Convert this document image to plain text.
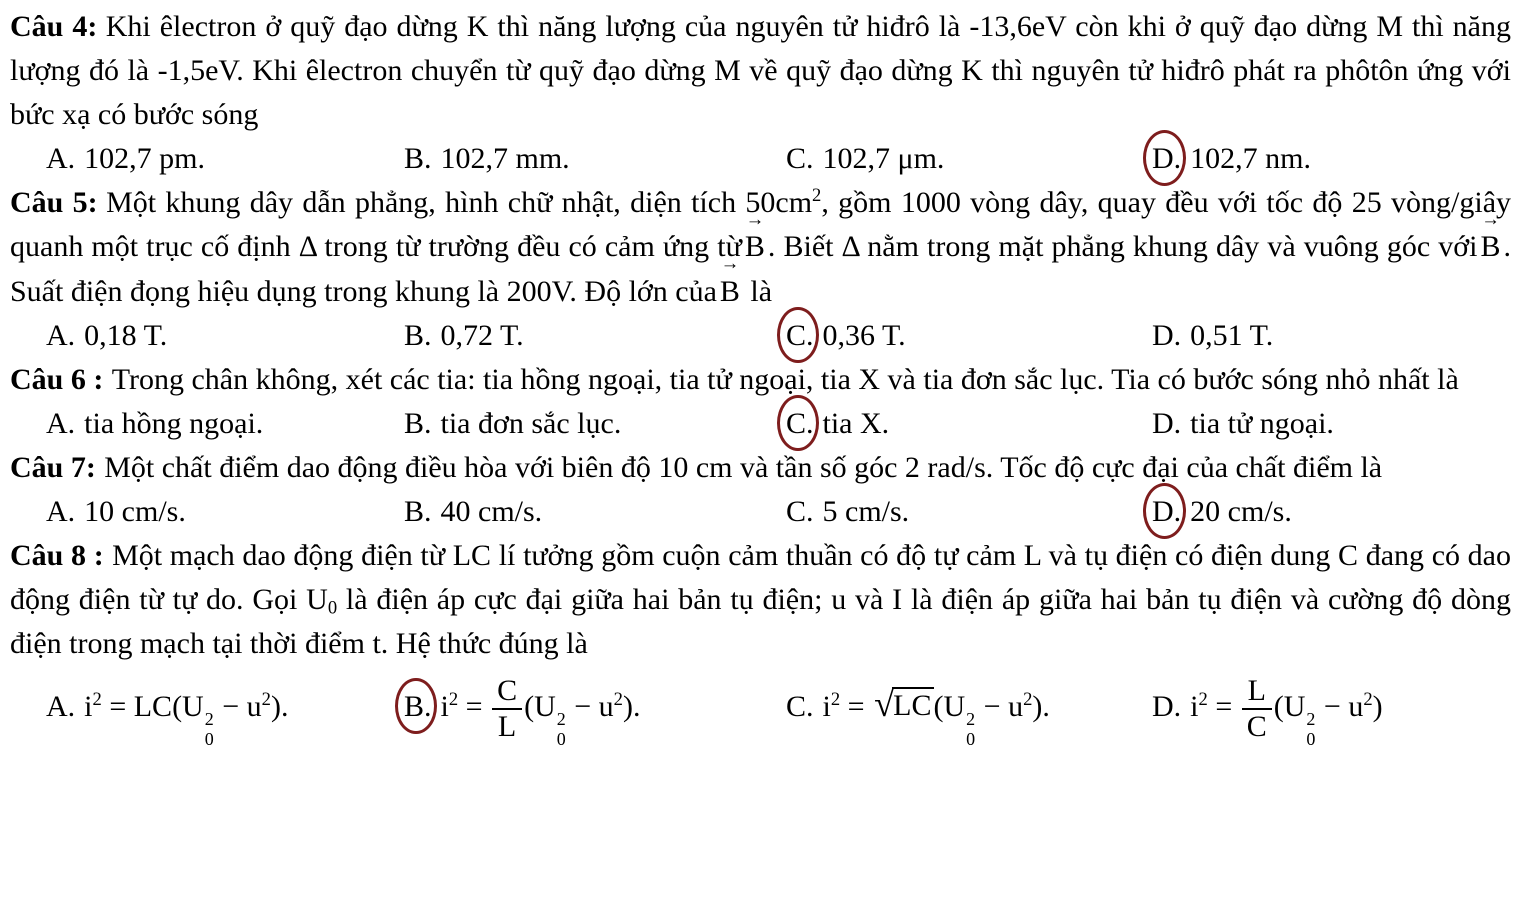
Câu 4: Khi êlectron ở quỹ đạo dừng K thì năng lượng của nguyên tử hiđrô là -13,6eV còn khi ở quỹ đạo dừng M thì năng lượng đó là -1,5eV. Khi êlectron chuyển từ quỹ đạo dừng M về quỹ đạo dừng K thì nguyên tử hiđrô phát ra phôtôn ứng với bức xạ có bước sóng

A. 102,7 pm.	B. 102,7 mm.	C. 102,7 μm.	D. 102,7 nm.

Câu 5: Một khung dây dẫn phẳng, hình chữ nhật, diện tích $50cm^2$, gồm 1000 vòng dây, quay đều với tốc độ 25 vòng/giây quanh một trục cố định Δ trong từ trường đều có cảm ứng từ → B . Biết Δ nằm trong mặt phẳng khung dây và vuông góc với → B . Suất điện đọng hiệu dụng trong khung là 200V. Độ lớn của → B là

A. 0,18 T.	B. 0,72 T.	C. 0,36 T.	D. 0,51 T.

Câu 6 : Trong chân không, xét các tia: tia hồng ngoại, tia tử ngoại, tia X và tia đơn sắc lục. Tia có bước sóng nhỏ nhất là

A. tia hồng ngoại.	B. tia đơn sắc lục.	C. tia X.	D. tia tử ngoại.

Câu 7: Một chất điểm dao động điều hòa với biên độ 10 cm và tần số góc 2 rad/s. Tốc độ cực đại của chất điểm là

A. 10 cm/s.	B. 40 cm/s.	C. 5 cm/s.	D. 20 cm/s.

Câu 8 : Một mạch dao động điện từ LC lí tưởng gồm cuộn cảm thuần có độ tự cảm L và tụ điện có điện dung C đang có dao động điện từ tự do. Gọi $U_0$ là điện áp cực đại giữa hai bản tụ điện; u và I là điện áp giữa hai bản tụ điện và cường độ dòng điện trong mạch tại thời điểm t. Hệ thức đúng là

A. $i^2 = LC(U$ 2
0
− $u^2$).	B. $i^2 = \frac{C}{L} (U$ 2
0
− $u^2$).	C. $i^2$ = √ LC (U 2
0
− $u^2$).	D. $i^2 = \frac{L}{C} (U$ 2
0
− $u^2$)
